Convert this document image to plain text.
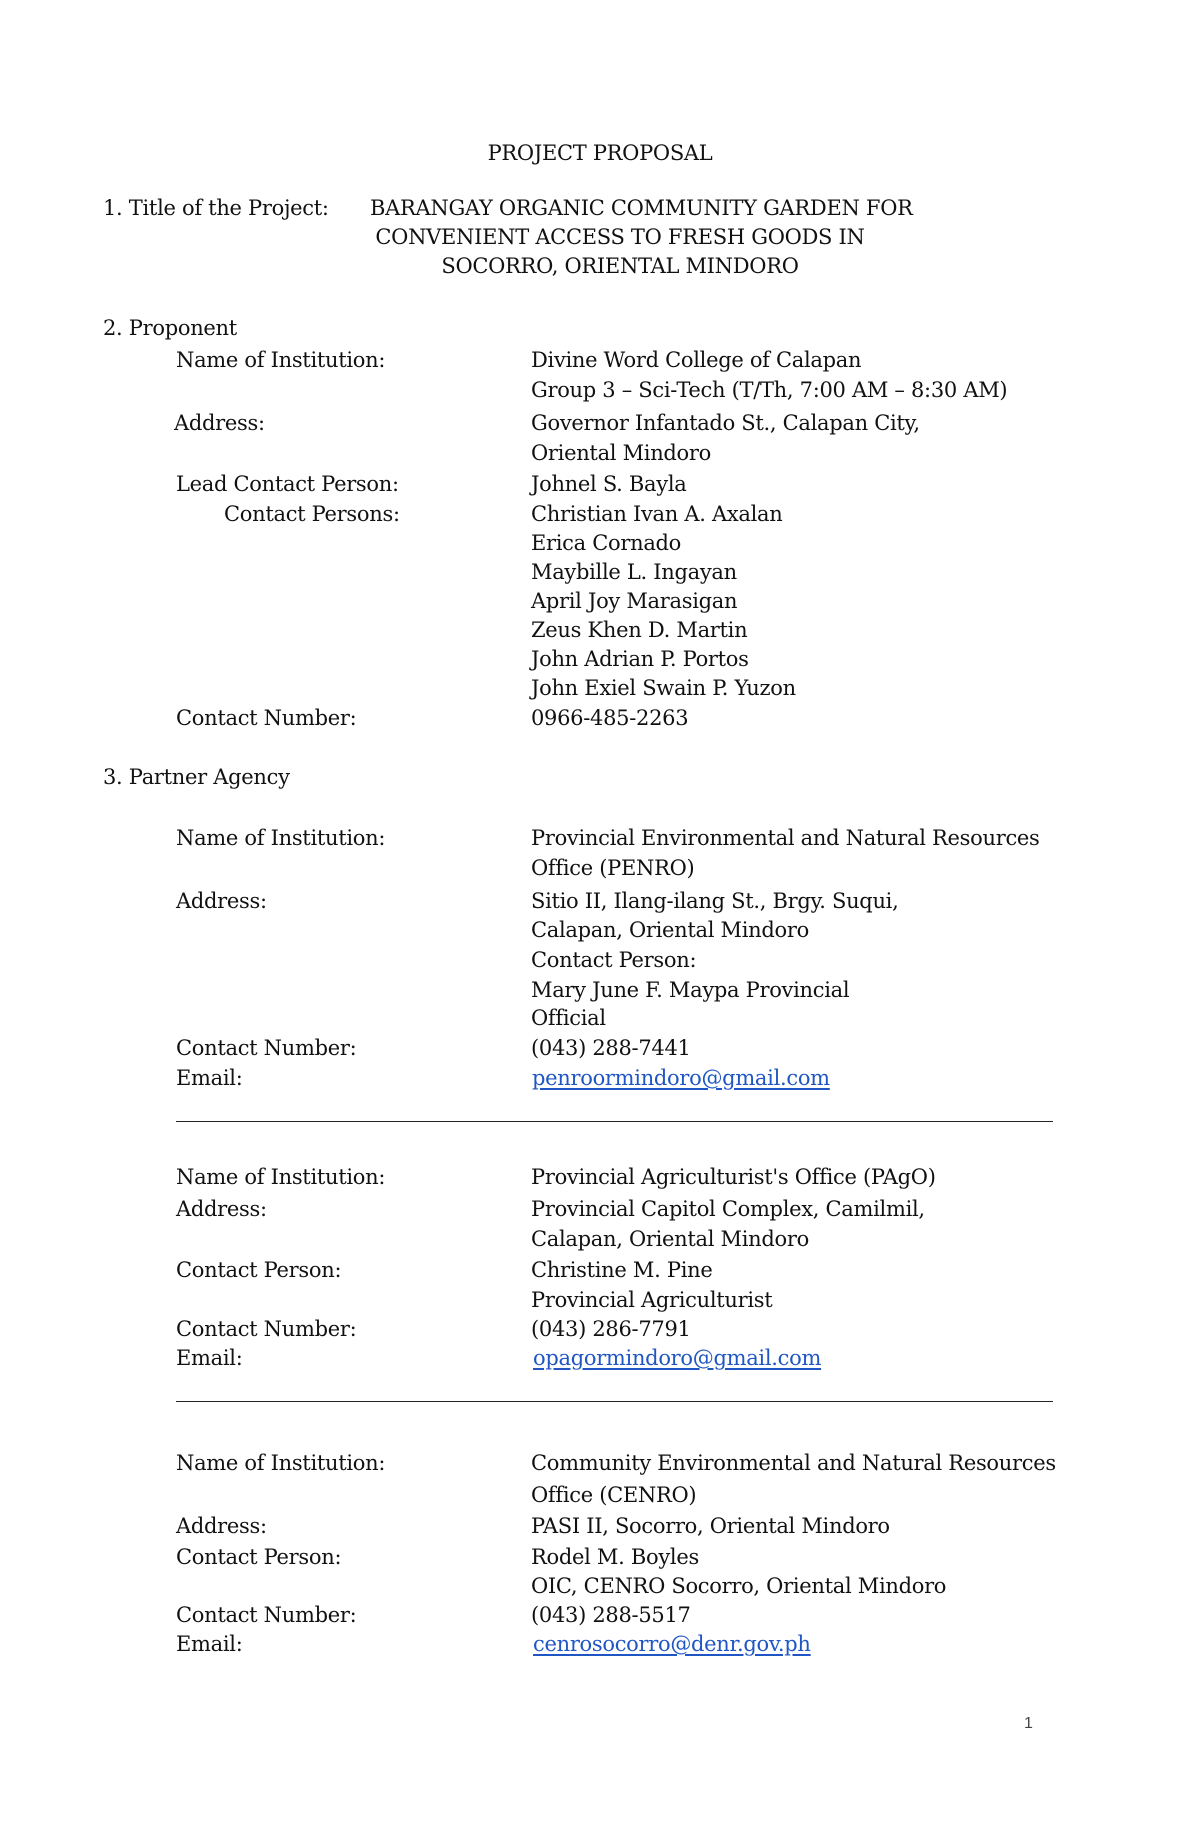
PROJECT PROPOSAL
1. Title of the Project: BARANGAY ORGANIC COMMUNITY GARDEN FOR
CONVENIENT ACCESS TO FRESH GOODS IN
SOCORRO, ORIENTAL MINDORO
2. Proponent
Name of Institution:	Divine Word College of Calapan
Group 3 – Sci-Tech (T/Th, 7:00 AM – 8:30 AM)
Address:	Governor Infantado St., Calapan City,
Oriental Mindoro
Lead Contact Person:	Johnel S. Bayla
Contact Persons:	Christian Ivan A. Axalan
Erica Cornado
Maybille L. Ingayan
April Joy Marasigan
Zeus Khen D. Martin
John Adrian P. Portos
John Exiel Swain P. Yuzon
Contact Number:	0966-485-2263
3. Partner Agency
Name of Institution:	Provincial Environmental and Natural Resources
Office (PENRO)
Address:	Sitio II, Ilang-ilang St., Brgy. Suqui,
Calapan, Oriental Mindoro
Contact Person:
Mary June F. Maypa Provincial
Official
Contact Number:	(043) 288-7441
Email:	penroormindoro@gmail.com
Name of Institution:	Provincial Agriculturist's Office (PAgO)
Address:	Provincial Capitol Complex, Camilmil,
Calapan, Oriental Mindoro
Contact Person:	Christine M. Pine
Provincial Agriculturist
Contact Number:	(043) 286-7791
Email:	opagormindoro@gmail.com
Name of Institution:	Community Environmental and Natural Resources
Office (CENRO)
Address:	PASI II, Socorro, Oriental Mindoro
Contact Person:	Rodel M. Boyles
OIC, CENRO Socorro, Oriental Mindoro
Contact Number:	(043) 288-5517
Email:	cenrosocorro@denr.gov.ph
1
